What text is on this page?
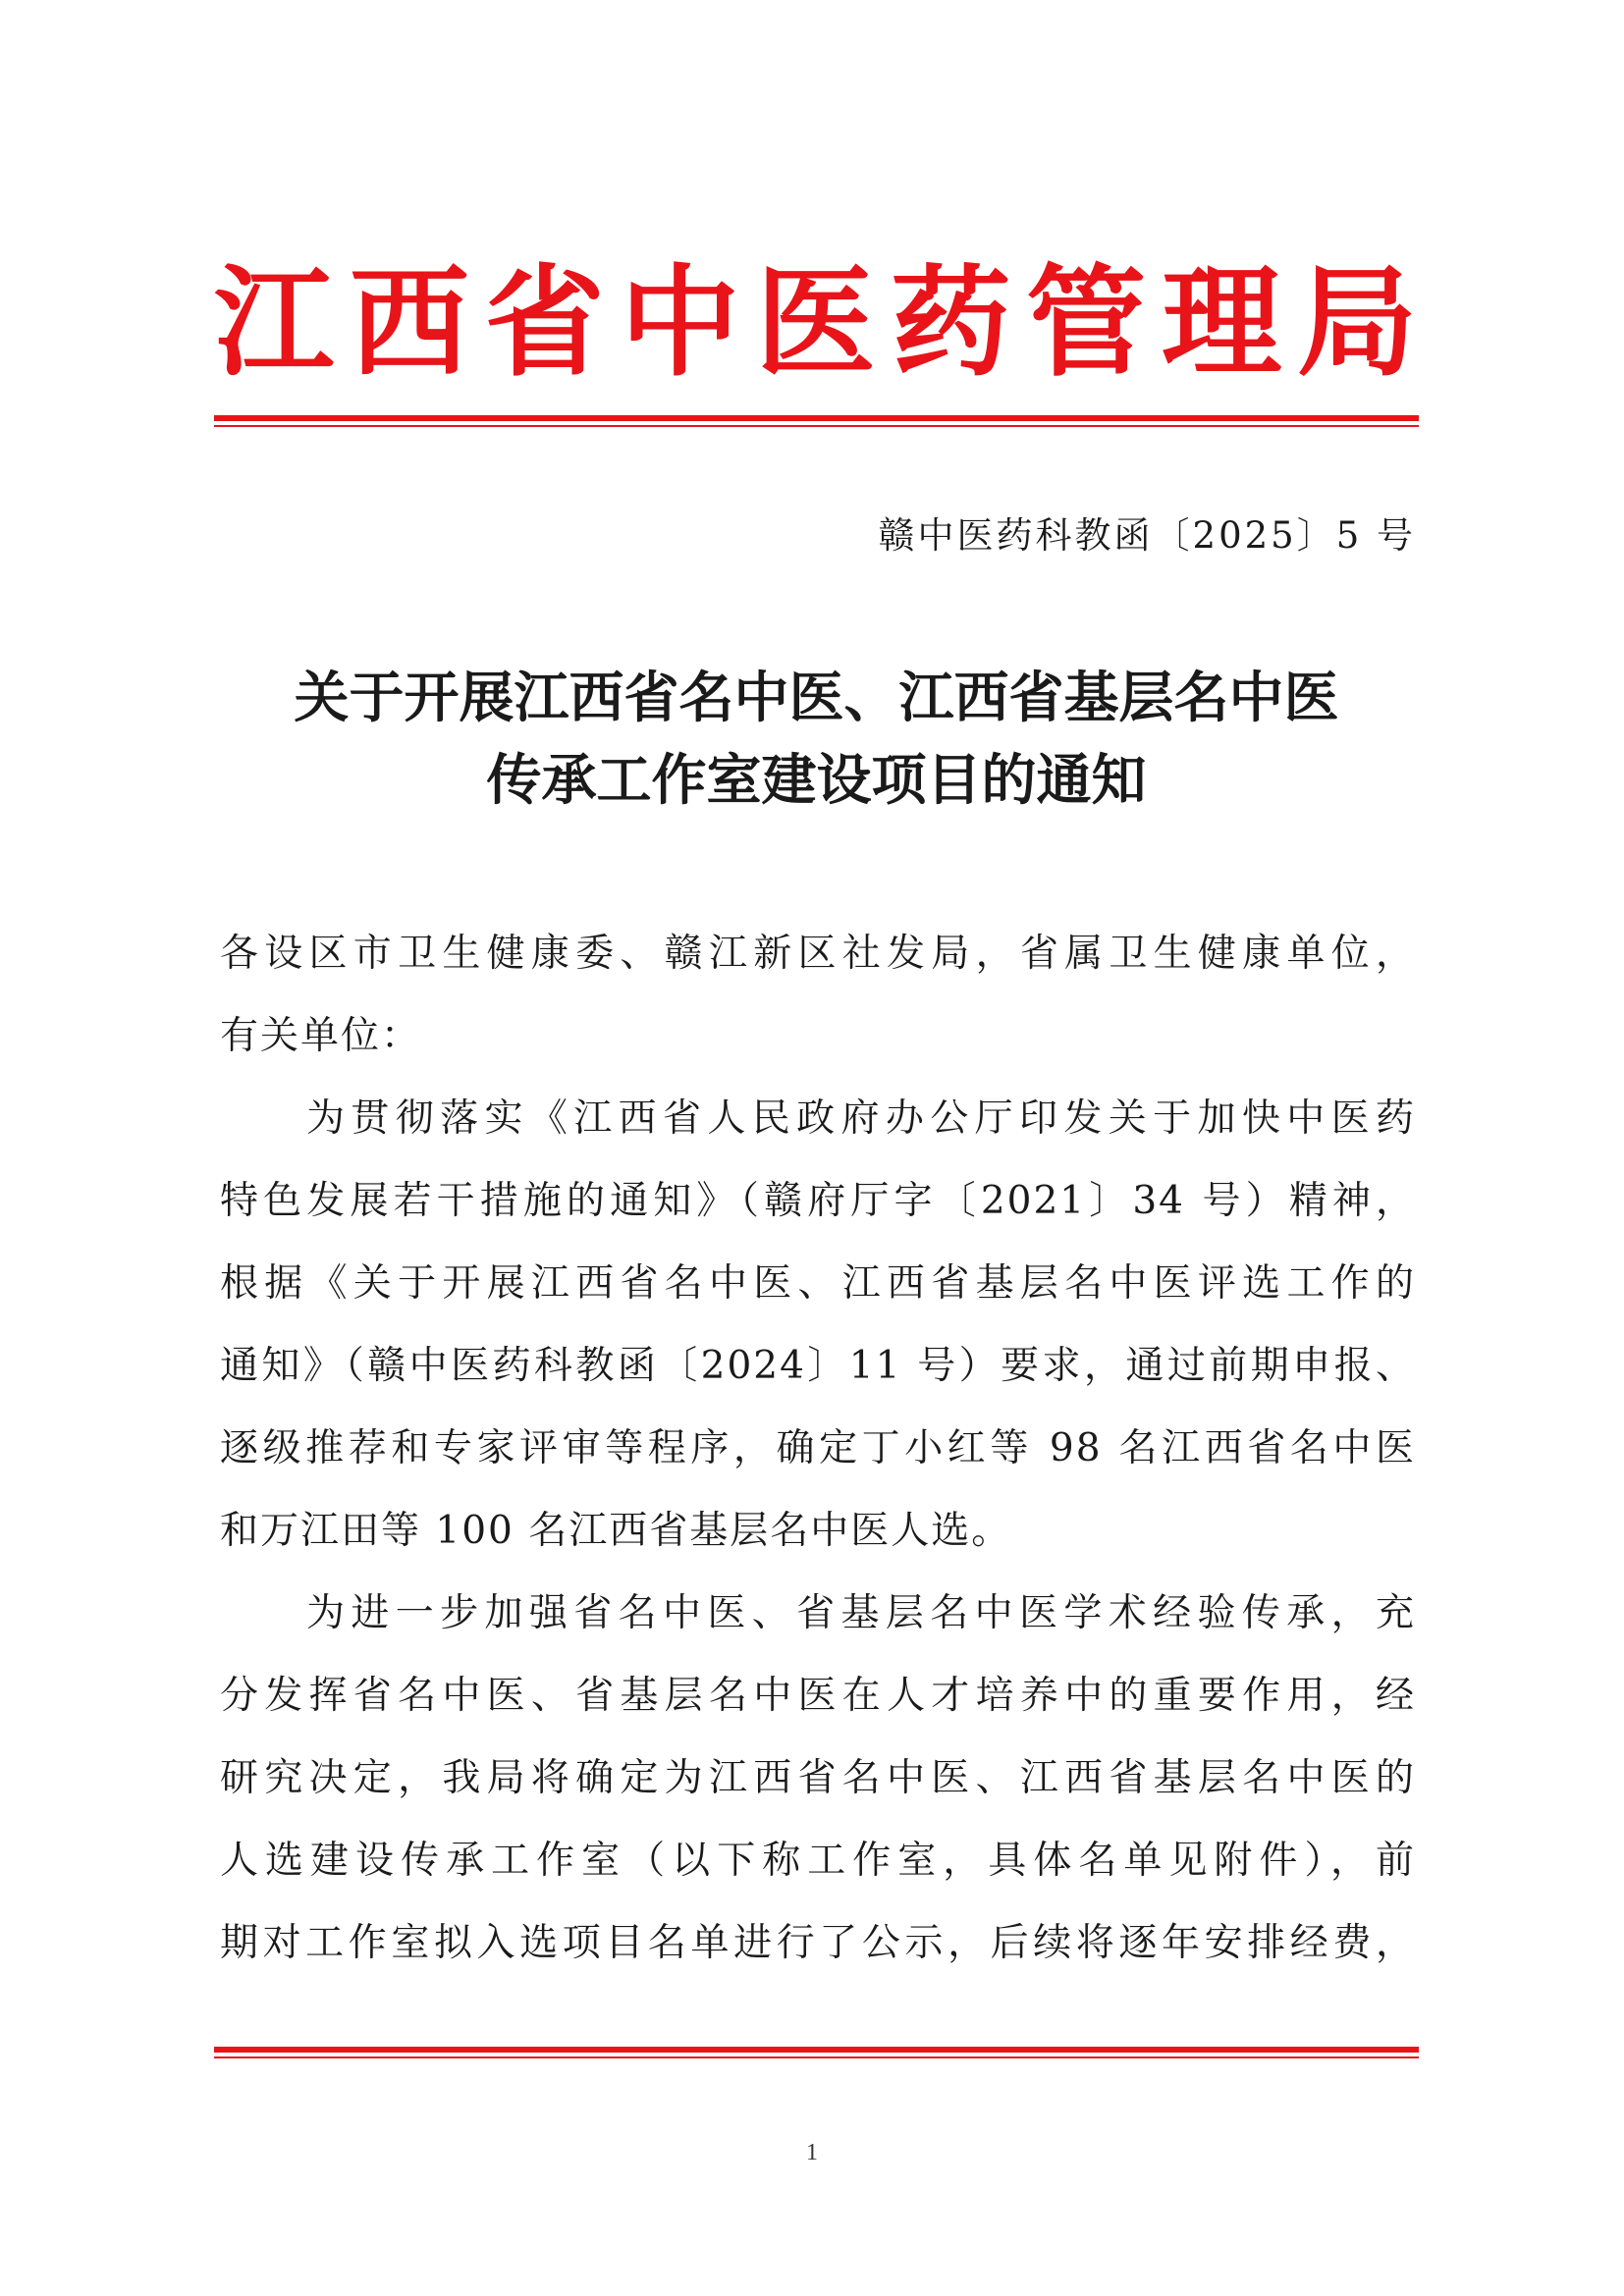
江 西 省 中 医 药 管 理 局
赣中医药科教函〔2025〕5 号
关于开展江西省名中医、江西省基层名中医
传承工作室建设项目的通知
各设区市卫生健康委、赣江新区社发局，省属卫生健康单位，
有关单位：
为贯彻落实《江西省人民政府办公厅印发关于加快中医药
特色发展若干措施的通知》（赣府厅字〔2021〕34 号）精神，
根据《关于开展江西省名中医、江西省基层名中医评选工作的
通知》（赣中医药科教函〔2024〕11 号）要求，通过前期申报、
逐级推荐和专家评审等程序，确定丁小红等 98 名江西省名中医
和万江田等 100 名江西省基层名中医人选。
为进一步加强省名中医、省基层名中医学术经验传承，充
分发挥省名中医、省基层名中医在人才培养中的重要作用，经
研究决定，我局将确定为江西省名中医、江西省基层名中医的
人选建设传承工作室（以下称工作室，具体名单见附件），前
期对工作室拟入选项目名单进行了公示，后续将逐年安排经费，
1
